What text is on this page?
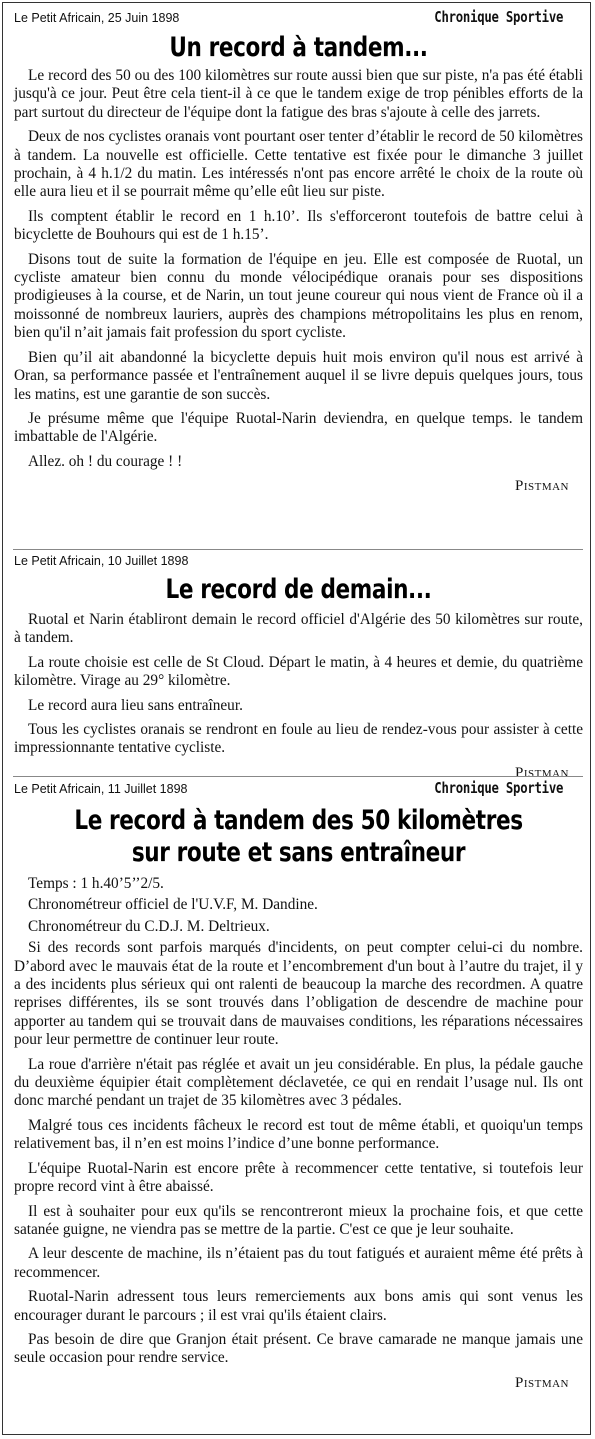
Le Petit Africain, 25 Juin 1898	Chronique Sportive
Un record à tandem...

Le record des 50 ou des 100 kilomètres sur route aussi bien que sur piste, n'a pas été établi jusqu'à ce jour. Peut être cela tient-il à ce que le tandem exige de trop pénibles efforts de la part surtout du directeur de l'équipe dont la fatigue des bras s'ajoute à celle des jarrets.

Deux de nos cyclistes oranais vont pourtant oser tenter d’établir le record de 50 kilomètres à tandem. La nouvelle est officielle. Cette tentative est fixée pour le dimanche 3 juillet prochain, à 4 h.1/2 du matin. Les intéressés n'ont pas encore arrêté le choix de la route où elle aura lieu et il se pourrait même qu’elle eût lieu sur piste.

Ils comptent établir le record en 1 h.10’. Ils s'efforceront toutefois de battre celui à bicyclette de Bouhours qui est de 1 h.15’.

Disons tout de suite la formation de l'équipe en jeu. Elle est composée de Ruotal, un cycliste amateur bien connu du monde vélocipédique oranais pour ses dispositions prodigieuses à la course, et de Narin, un tout jeune coureur qui nous vient de France où il a moissonné de nombreux lauriers, auprès des champions métropolitains les plus en renom, bien qu'il n’ait jamais fait profession du sport cycliste.

Bien qu’il ait abandonné la bicyclette depuis huit mois environ qu'il nous est arrivé à Oran, sa performance passée et l'entraînement auquel il se livre depuis quelques jours, tous les matins, est une garantie de son succès.

Je présume même que l'équipe Ruotal-Narin deviendra, en quelque temps. le tandem imbattable de l'Algérie.

Allez. oh ! du courage ! !

Pistman
Le Petit Africain, 10 Juillet 1898
Le record de demain...

Ruotal et Narin établiront demain le record officiel d'Algérie des 50 kilomètres sur route, à tandem.

La route choisie est celle de St Cloud. Départ le matin, à 4 heures et demie, du quatrième kilomètre. Virage au 29° kilomètre.

Le record aura lieu sans entraîneur.

Tous les cyclistes oranais se rendront en foule au lieu de rendez-vous pour assister à cette impressionnante tentative cycliste.

Pistman
Le Petit Africain, 11 Juillet 1898	Chronique Sportive
Le record à tandem des 50 kilomètres
sur route et sans entraîneur

Temps : 1 h.40’5’’2/5.

Chronométreur officiel de l'U.V.F, M. Dandine.

Chronométreur du C.D.J. M. Deltrieux.

Si des records sont parfois marqués d'incidents, on peut compter celui-ci du nombre. D’abord avec le mauvais état de la route et l’encombrement d'un bout à l’autre du trajet, il y a des incidents plus sérieux qui ont ralenti de beaucoup la marche des recordmen. A quatre reprises différentes, ils se sont trouvés dans l’obligation de descendre de machine pour apporter au tandem qui se trouvait dans de mauvaises conditions, les réparations nécessaires pour leur permettre de continuer leur route.

La roue d'arrière n'était pas réglée et avait un jeu considérable. En plus, la pédale gauche du deuxième équipier était complètement déclavetée, ce qui en rendait l’usage nul. Ils ont donc marché pendant un trajet de 35 kilomètres avec 3 pédales.

Malgré tous ces incidents fâcheux le record est tout de même établi, et quoiqu'un temps relativement bas, il n’en est moins l’indice d’une bonne performance.

L'équipe Ruotal-Narin est encore prête à recommencer cette tentative, si toutefois leur propre record vint à être abaissé.

Il est à souhaiter pour eux qu'ils se rencontreront mieux la prochaine fois, et que cette satanée guigne, ne viendra pas se mettre de la partie. C'est ce que je leur souhaite.

A leur descente de machine, ils n’étaient pas du tout fatigués et auraient même été prêts à recommencer.

Ruotal-Narin adressent tous leurs remerciements aux bons amis qui sont venus les encourager durant le parcours ; il est vrai qu'ils étaient clairs.

Pas besoin de dire que Granjon était présent. Ce brave camarade ne manque jamais une seule occasion pour rendre service.

Pistman
